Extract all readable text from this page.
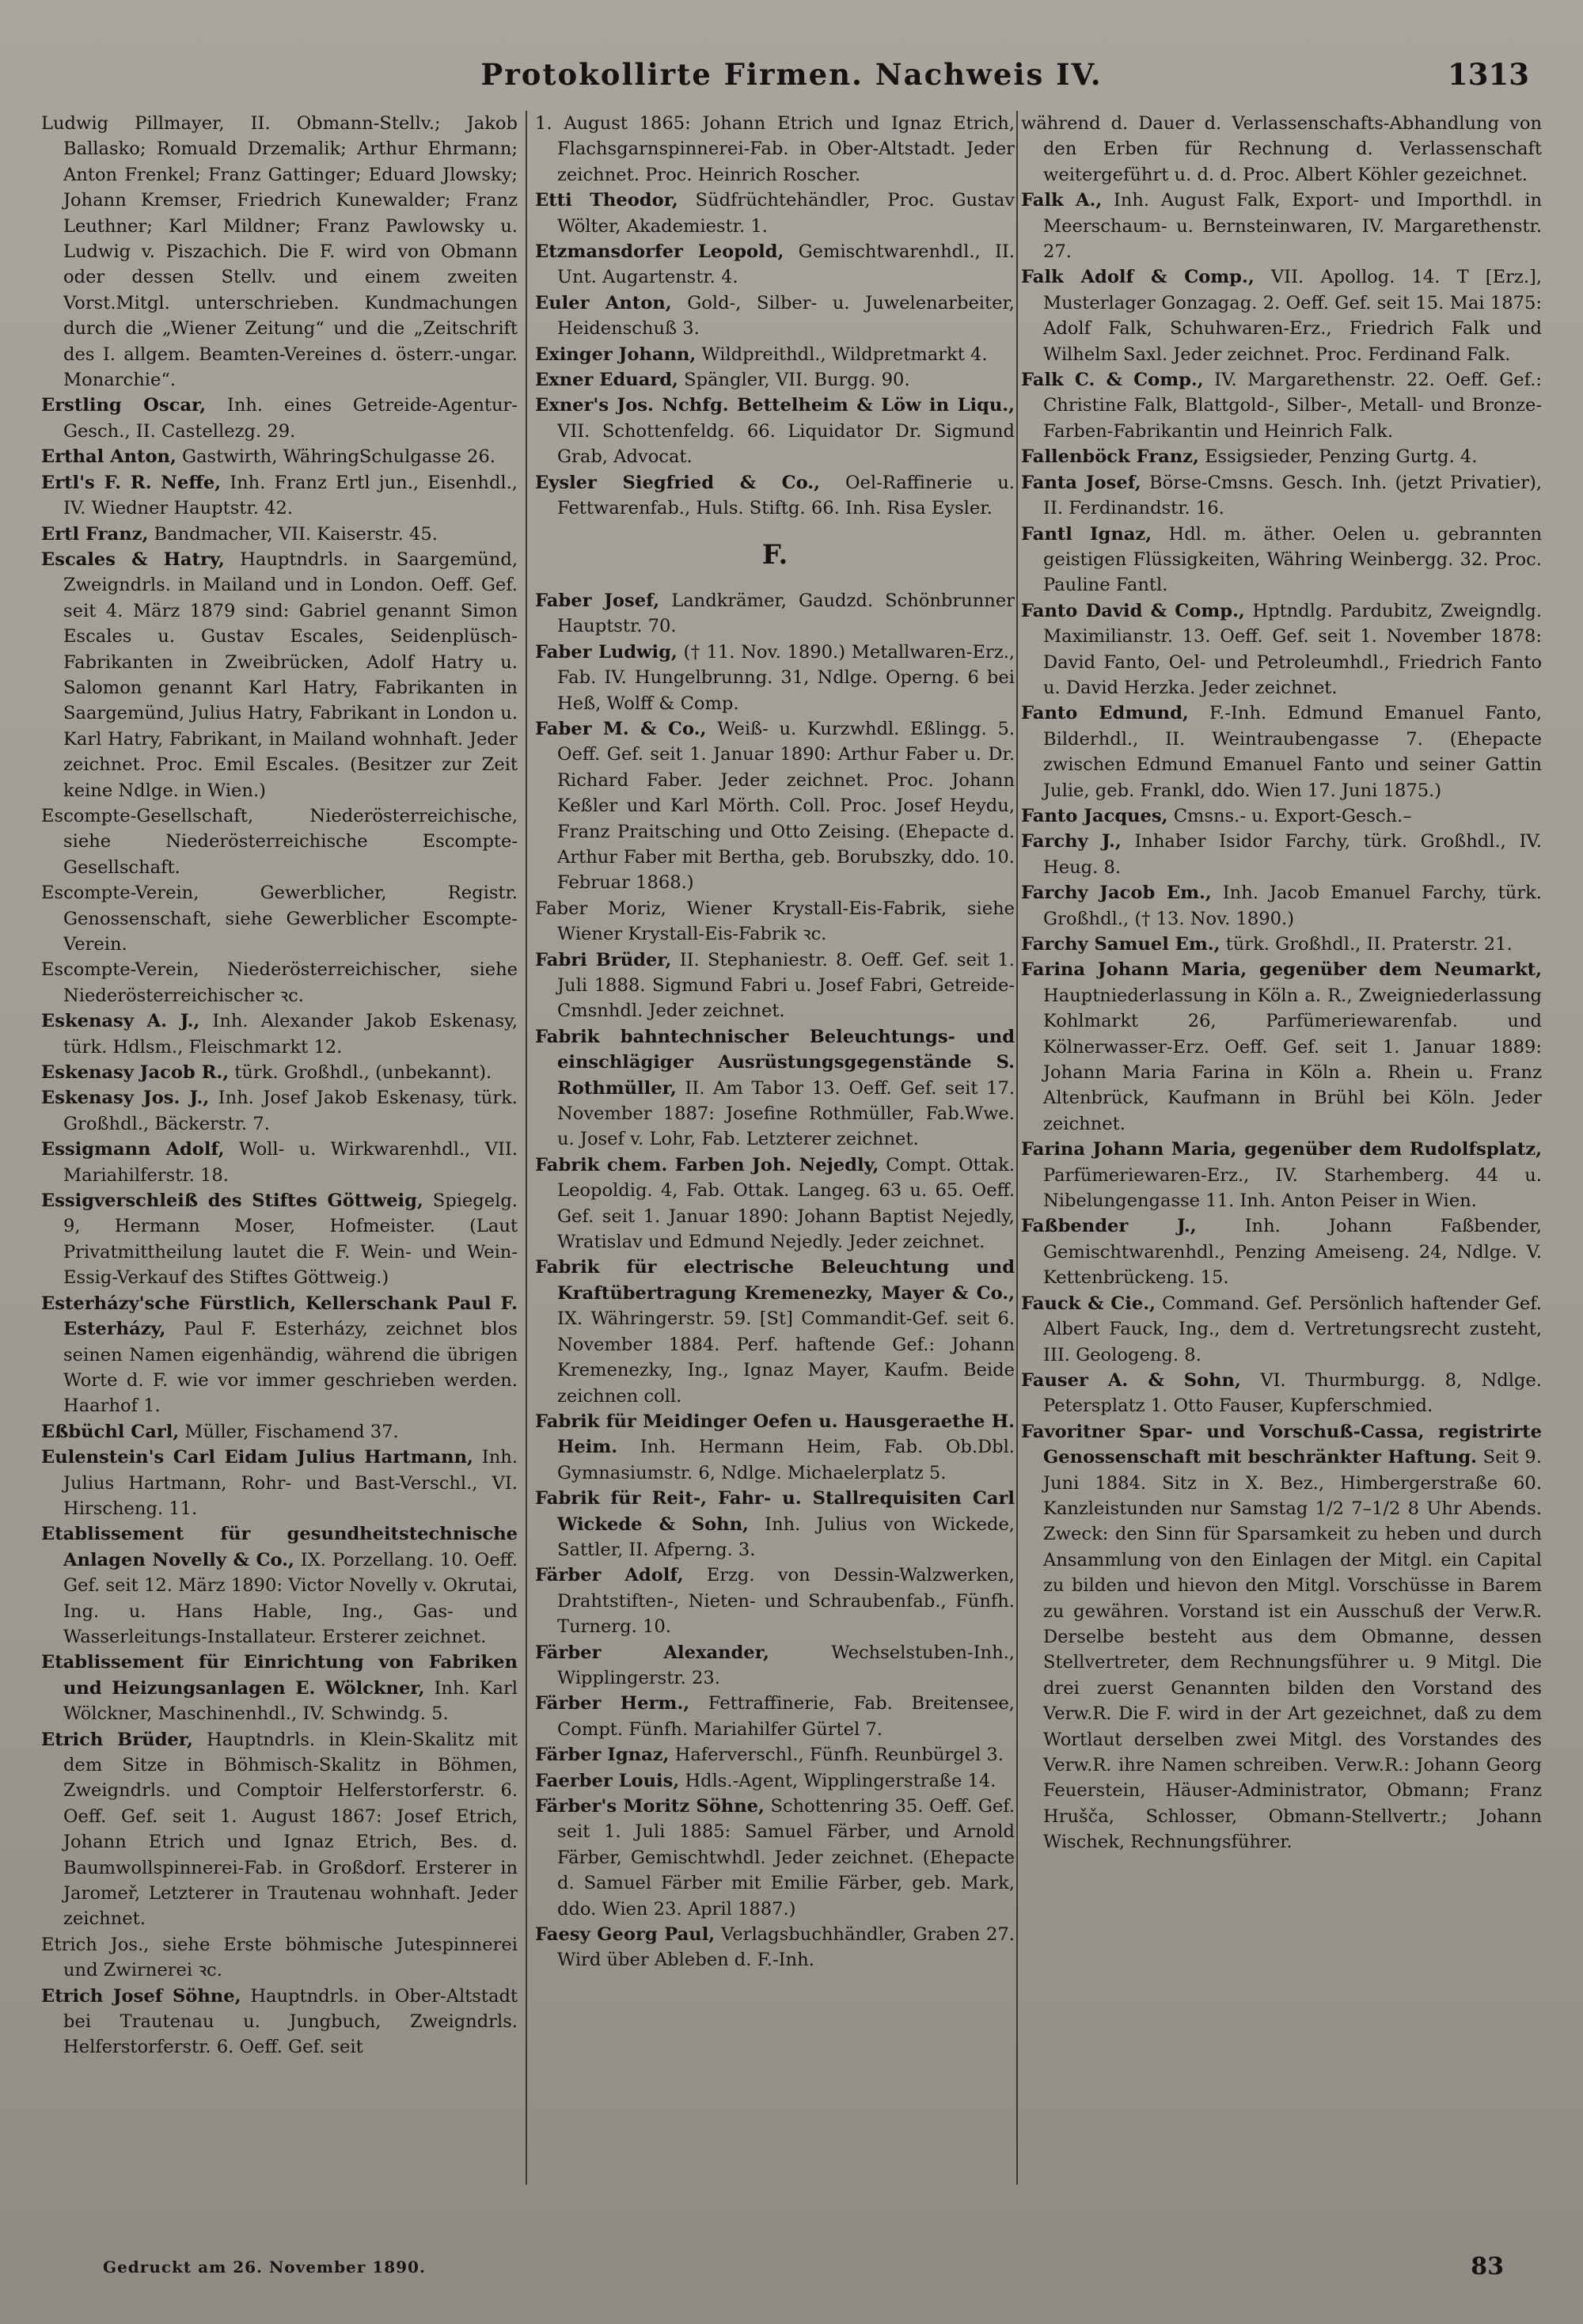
Protokollirte Firmen. Nachweis IV.	1313
Ludwig Pillmayer, II. Obmann-Stellv.; Jakob Ballasko; Romuald Drzemalik; Arthur Ehrmann; Anton Frenkel; Franz Gattinger; Eduard Jlowsky; Johann Kremser, Friedrich Kunewalder; Franz Leuthner; Karl Mildner; Franz Pawlowsky u. Ludwig v. Piszachich. Die F. wird von Obmann oder dessen Stellv. und einem zweiten Vorst.Mitgl. unterschrieben. Kundmachungen durch die „Wiener Zeitung“ und die „Zeitschrift des I. allgem. Beamten-Vereines d. österr.-ungar. Monarchie“.
Erstling Oscar, Inh. eines Getreide-Agentur-Gesch., II. Castellezg. 29.
Erthal Anton, Gastwirth, WähringSchulgasse 26.
Ertl's F. R. Neffe, Inh. Franz Ertl jun., Eisenhdl., IV. Wiedner Hauptstr. 42.
Ertl Franz, Bandmacher, VII. Kaiserstr. 45.
Escales & Hatry, Hauptndrls. in Saargemünd, Zweigndrls. in Mailand und in London. Oeff. Gef. seit 4. März 1879 sind: Gabriel genannt Simon Escales u. Gustav Escales, Seidenplüsch-Fabrikanten in Zweibrücken, Adolf Hatry u. Salomon genannt Karl Hatry, Fabrikanten in Saargemünd, Julius Hatry, Fabrikant in London u. Karl Hatry, Fabrikant, in Mailand wohnhaft. Jeder zeichnet. Proc. Emil Escales. (Besitzer zur Zeit keine Ndlge. in Wien.)
Escompte-Gesellschaft, Niederösterreichische, siehe Niederösterreichische Escompte-Gesellschaft.
Escompte-Verein, Gewerblicher, Registr. Genossenschaft, siehe Gewerblicher Escompte-Verein.
Escompte-Verein, Niederösterreichischer, siehe Niederösterreichischer ꝛc.
Eskenasy A. J., Inh. Alexander Jakob Eskenasy, türk. Hdlsm., Fleischmarkt 12.
Eskenasy Jacob R., türk. Großhdl., (unbekannt).
Eskenasy Jos. J., Inh. Josef Jakob Eskenasy, türk. Großhdl., Bäckerstr. 7.
Essigmann Adolf, Woll- u. Wirkwarenhdl., VII. Mariahilferstr. 18.
Essigverschleiß des Stiftes Göttweig, Spiegelg. 9, Hermann Moser, Hofmeister. (Laut Privatmittheilung lautet die F. Wein- und Wein-Essig-Verkauf des Stiftes Göttweig.)
Esterházy'sche Fürstlich, Kellerschank Paul F. Esterházy, Paul F. Esterházy, zeichnet blos seinen Namen eigenhändig, während die übrigen Worte d. F. wie vor immer geschrieben werden. Haarhof 1.
Eßbüchl Carl, Müller, Fischamend 37.
Eulenstein's Carl Eidam Julius Hartmann, Inh. Julius Hartmann, Rohr- und Bast-Verschl., VI. Hirscheng. 11.
Etablissement für gesundheitstechnische Anlagen Novelly & Co., IX. Porzellang. 10. Oeff. Gef. seit 12. März 1890: Victor Novelly v. Okrutai, Ing. u. Hans Hable, Ing., Gas- und Wasserleitungs-Installateur. Ersterer zeichnet.
Etablissement für Einrichtung von Fabriken und Heizungsanlagen E. Wölckner, Inh. Karl Wölckner, Maschinenhdl., IV. Schwindg. 5.
Etrich Brüder, Hauptndrls. in Klein-Skalitz mit dem Sitze in Böhmisch-Skalitz in Böhmen, Zweigndrls. und Comptoir Helferstorferstr. 6. Oeff. Gef. seit 1. August 1867: Josef Etrich, Johann Etrich und Ignaz Etrich, Bes. d. Baumwollspinnerei-Fab. in Großdorf. Ersterer in Jaromeř, Letzterer in Trautenau wohnhaft. Jeder zeichnet.
Etrich Jos., siehe Erste böhmische Jutespinnerei und Zwirnerei ꝛc.
Etrich Josef Söhne, Hauptndrls. in Ober-Altstadt bei Trautenau u. Jungbuch, Zweigndrls. Helferstorferstr. 6. Oeff. Gef. seit
1. August 1865: Johann Etrich und Ignaz Etrich, Flachsgarnspinnerei-Fab. in Ober-Altstadt. Jeder zeichnet. Proc. Heinrich Roscher.
Etti Theodor, Südfrüchtehändler, Proc. Gustav Wölter, Akademiestr. 1.
Etzmansdorfer Leopold, Gemischtwarenhdl., II. Unt. Augartenstr. 4.
Euler Anton, Gold-, Silber- u. Juwelenarbeiter, Heidenschuß 3.
Exinger Johann, Wildpreithdl., Wildpretmarkt 4.
Exner Eduard, Spängler, VII. Burgg. 90.
Exner's Jos. Nchfg. Bettelheim & Löw in Liqu., VII. Schottenfeldg. 66. Liquidator Dr. Sigmund Grab, Advocat.
Eysler Siegfried & Co., Oel-Raffinerie u. Fettwarenfab., Huls. Stiftg. 66. Inh. Risa Eysler.
F.
Faber Josef, Landkrämer, Gaudzd. Schönbrunner Hauptstr. 70.
Faber Ludwig, († 11. Nov. 1890.) Metallwaren-Erz., Fab. IV. Hungelbrunng. 31, Ndlge. Operng. 6 bei Heß, Wolff & Comp.
Faber M. & Co., Weiß- u. Kurzwhdl. Eßlingg. 5. Oeff. Gef. seit 1. Januar 1890: Arthur Faber u. Dr. Richard Faber. Jeder zeichnet. Proc. Johann Keßler und Karl Mörth. Coll. Proc. Josef Heydu, Franz Praitsching und Otto Zeising. (Ehepacte d. Arthur Faber mit Bertha, geb. Borubszky, ddo. 10. Februar 1868.)
Faber Moriz, Wiener Krystall-Eis-Fabrik, siehe Wiener Krystall-Eis-Fabrik ꝛc.
Fabri Brüder, II. Stephaniestr. 8. Oeff. Gef. seit 1. Juli 1888. Sigmund Fabri u. Josef Fabri, Getreide-Cmsnhdl. Jeder zeichnet.
Fabrik bahntechnischer Beleuchtungs- und einschlägiger Ausrüstungsgegenstände S. Rothmüller, II. Am Tabor 13. Oeff. Gef. seit 17. November 1887: Josefine Rothmüller, Fab.Wwe. u. Josef v. Lohr, Fab. Letzterer zeichnet.
Fabrik chem. Farben Joh. Nejedly, Compt. Ottak. Leopoldig. 4, Fab. Ottak. Langeg. 63 u. 65. Oeff. Gef. seit 1. Januar 1890: Johann Baptist Nejedly, Wratislav und Edmund Nejedly. Jeder zeichnet.
Fabrik für electrische Beleuchtung und Kraftübertragung Kremenezky, Mayer & Co., IX. Währingerstr. 59. [St] Commandit-Gef. seit 6. November 1884. Perf. haftende Gef.: Johann Kremenezky, Ing., Ignaz Mayer, Kaufm. Beide zeichnen coll.
Fabrik für Meidinger Oefen u. Hausgeraethe H. Heim. Inh. Hermann Heim, Fab. Ob.Dbl. Gymnasiumstr. 6, Ndlge. Michaelerplatz 5.
Fabrik für Reit-, Fahr- u. Stallrequisiten Carl Wickede & Sohn, Inh. Julius von Wickede, Sattler, II. Afperng. 3.
Färber Adolf, Erzg. von Dessin-Walzwerken, Drahtstiften-, Nieten- und Schraubenfab., Fünfh. Turnerg. 10.
Färber Alexander,	Wechselstuben-Inh., Wipplingerstr. 23.
Färber Herm., Fettraffinerie, Fab. Breitensee, Compt. Fünfh. Mariahilfer Gürtel 7.
Färber Ignaz, Haferverschl., Fünfh. Reunbürgel 3.
Faerber Louis, Hdls.-Agent, Wipplingerstraße 14.
Färber's Moritz Söhne, Schottenring 35. Oeff. Gef. seit 1. Juli 1885: Samuel Färber, und Arnold Färber, Gemischtwhdl. Jeder zeichnet. (Ehepacte d. Samuel Färber mit Emilie Färber, geb. Mark, ddo. Wien 23. April 1887.)
Faesy Georg Paul, Verlagsbuchhändler, Graben 27. Wird über Ableben d. F.-Inh.
während d. Dauer d. Verlassenschafts-Abhandlung von den Erben für Rechnung d. Verlassenschaft weitergeführt u. d. d. Proc. Albert Köhler gezeichnet.
Falk A., Inh. August Falk, Export- und Importhdl. in Meerschaum- u. Bernsteinwaren, IV. Margarethenstr. 27.
Falk Adolf & Comp., VII. Apollog. 14. T [Erz.], Musterlager Gonzagag. 2. Oeff. Gef. seit 15. Mai 1875: Adolf Falk, Schuhwaren-Erz., Friedrich Falk und Wilhelm Saxl. Jeder zeichnet. Proc. Ferdinand Falk.
Falk C. & Comp., IV. Margarethenstr. 22. Oeff. Gef.: Christine Falk, Blattgold-, Silber-, Metall- und Bronze-Farben-Fabrikantin und Heinrich Falk.
Fallenböck Franz, Essigsieder, Penzing Gurtg. 4.
Fanta Josef, Börse-Cmsns. Gesch. Inh. (jetzt Privatier), II. Ferdinandstr. 16.
Fantl Ignaz, Hdl. m. äther. Oelen u. gebrannten geistigen Flüssigkeiten, Währing Weinbergg. 32. Proc. Pauline Fantl.
Fanto David & Comp., Hptndlg. Pardubitz, Zweigndlg. Maximilianstr. 13. Oeff. Gef. seit 1. November 1878: David Fanto, Oel- und Petroleumhdl., Friedrich Fanto u. David Herzka. Jeder zeichnet.
Fanto Edmund, F.-Inh. Edmund Emanuel Fanto, Bilderhdl., II. Weintraubengasse 7. (Ehepacte zwischen Edmund Emanuel Fanto und seiner Gattin Julie, geb. Frankl, ddo. Wien 17. Juni 1875.)
Fanto Jacques, Cmsns.- u. Export-Gesch.–
Farchy J., Inhaber Isidor Farchy, türk. Großhdl., IV. Heug. 8.
Farchy Jacob Em., Inh. Jacob Emanuel Farchy, türk. Großhdl., († 13. Nov. 1890.)
Farchy Samuel Em., türk. Großhdl., II. Praterstr. 21.
Farina Johann Maria, gegenüber dem Neumarkt, Hauptniederlassung in Köln a. R., Zweigniederlassung Kohlmarkt 26, Parfümeriewarenfab. und Kölnerwasser-Erz. Oeff. Gef. seit 1. Januar 1889: Johann Maria Farina in Köln a. Rhein u. Franz Altenbrück, Kaufmann in Brühl bei Köln. Jeder zeichnet.
Farina Johann Maria, gegenüber dem Rudolfsplatz, Parfümeriewaren-Erz., IV. Starhemberg. 44 u. Nibelungengasse 11. Inh. Anton Peiser in Wien.
Faßbender J.,	Inh. Johann Faßbender, Gemischtwarenhdl., Penzing Ameiseng. 24, Ndlge. V. Kettenbrückeng. 15.
Fauck & Cie., Command. Gef. Persönlich haftender Gef. Albert Fauck, Ing., dem d. Vertretungsrecht zusteht, III. Geologeng. 8.
Fauser A. & Sohn, VI. Thurmburgg. 8, Ndlge. Petersplatz 1. Otto Fauser, Kupferschmied.
Favoritner Spar- und Vorschuß-Cassa, registrirte Genossenschaft mit beschränkter Haftung. Seit 9. Juni 1884. Sitz in X. Bez., Himbergerstraße 60. Kanzleistunden nur Samstag 1/2 7–1/2 8 Uhr Abends. Zweck: den Sinn für Sparsamkeit zu heben und durch Ansammlung von den Einlagen der Mitgl. ein Capital zu bilden und hievon den Mitgl. Vorschüsse in Barem zu gewähren. Vorstand ist ein Ausschuß der Verw.R. Derselbe besteht aus dem Obmanne, dessen Stellvertreter, dem Rechnungsführer u. 9 Mitgl. Die drei zuerst Genannten bilden den Vorstand des Verw.R. Die F. wird in der Art gezeichnet, daß zu dem Wortlaut derselben zwei Mitgl. des Vorstandes des Verw.R. ihre Namen schreiben. Verw.R.: Johann Georg Feuerstein, Häuser-Administrator, Obmann; Franz Hrušča, Schlosser, Obmann-Stellvertr.; Johann Wischek, Rechnungsführer.
Gedruckt am 26. November 1890.	83
